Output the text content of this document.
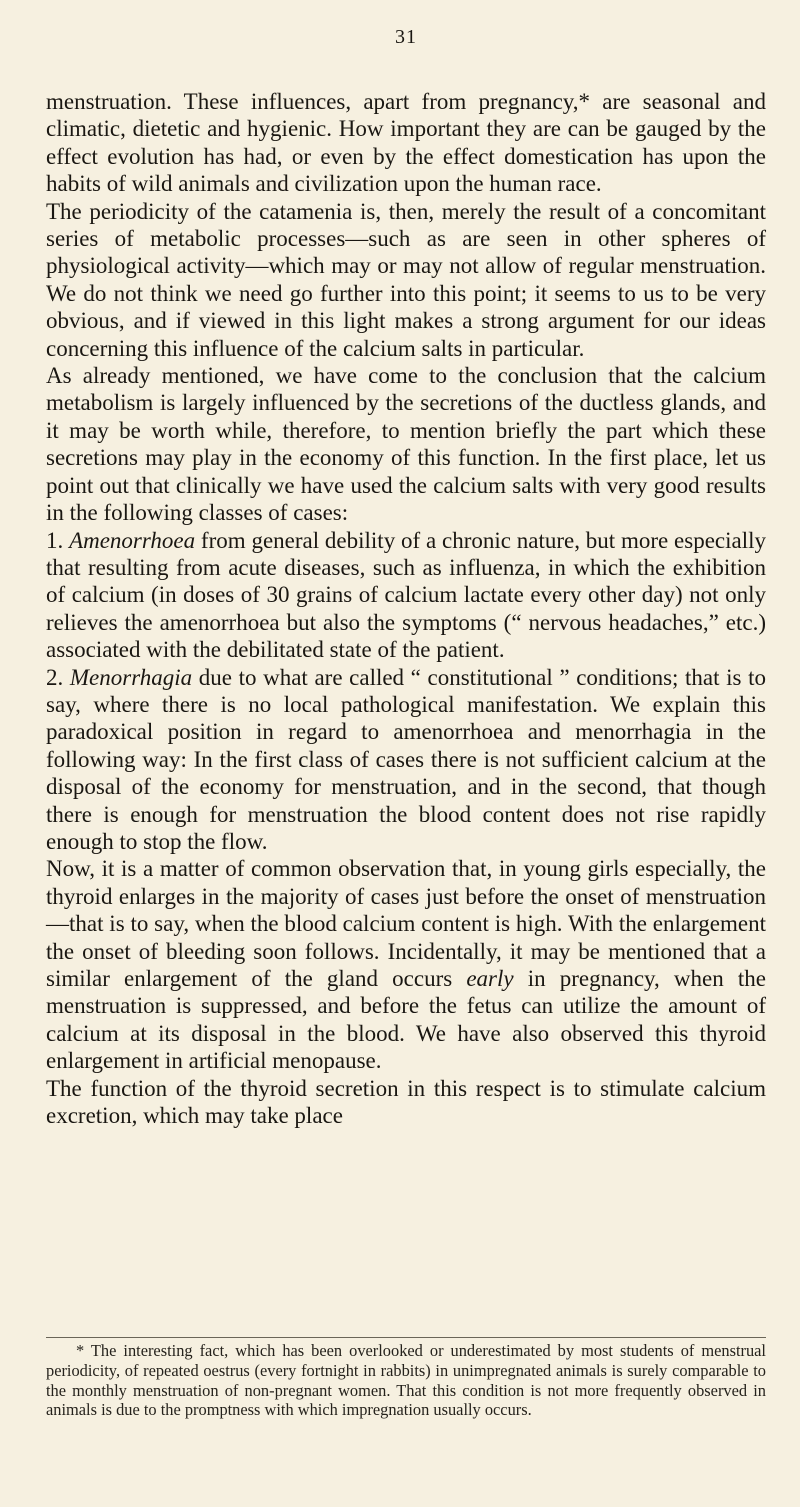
31

menstruation. These influences, apart from pregnancy,* are seasonal and climatic, dietetic and hygienic. How important they are can be gauged by the effect evolution has had, or even by the effect domestication has upon the habits of wild animals and civilization upon the human race.

The periodicity of the catamenia is, then, merely the result of a concomitant series of metabolic processes—such as are seen in other spheres of physiological activity—which may or may not allow of regular menstruation. We do not think we need go further into this point; it seems to us to be very obvious, and if viewed in this light makes a strong argument for our ideas concerning this influence of the calcium salts in particular.

As already mentioned, we have come to the conclusion that the calcium metabolism is largely influenced by the secretions of the ductless glands, and it may be worth while, therefore, to mention briefly the part which these secretions may play in the economy of this function. In the first place, let us point out that clinically we have used the calcium salts with very good results in the following classes of cases:

1. Amenorrhoea from general debility of a chronic nature, but more especially that resulting from acute diseases, such as influenza, in which the exhibition of calcium (in doses of 30 grains of calcium lactate every other day) not only relieves the amenorrhoea but also the symptoms (“ nervous headaches,” etc.) associated with the debilitated state of the patient.

2. Menorrhagia due to what are called “ constitutional ” conditions; that is to say, where there is no local pathological manifestation. We explain this paradoxical position in regard to amenorrhoea and menorrhagia in the following way: In the first class of cases there is not sufficient calcium at the disposal of the economy for menstruation, and in the second, that though there is enough for menstruation the blood content does not rise rapidly enough to stop the flow.

Now, it is a matter of common observation that, in young girls especially, the thyroid enlarges in the majority of cases just before the onset of menstruation—that is to say, when the blood calcium content is high. With the enlargement the onset of bleeding soon follows. Incidentally, it may be mentioned that a similar enlargement of the gland occurs early in pregnancy, when the menstruation is suppressed, and before the fetus can utilize the amount of calcium at its disposal in the blood. We have also observed this thyroid enlargement in artificial menopause.

The function of the thyroid secretion in this respect is to stimulate calcium excretion, which may take place

* The interesting fact, which has been overlooked or underestimated by most students of menstrual periodicity, of repeated oestrus (every fortnight in rabbits) in unimpregnated animals is surely comparable to the monthly menstruation of non-pregnant women. That this condition is not more frequently observed in animals is due to the promptness with which impregnation usually occurs.
